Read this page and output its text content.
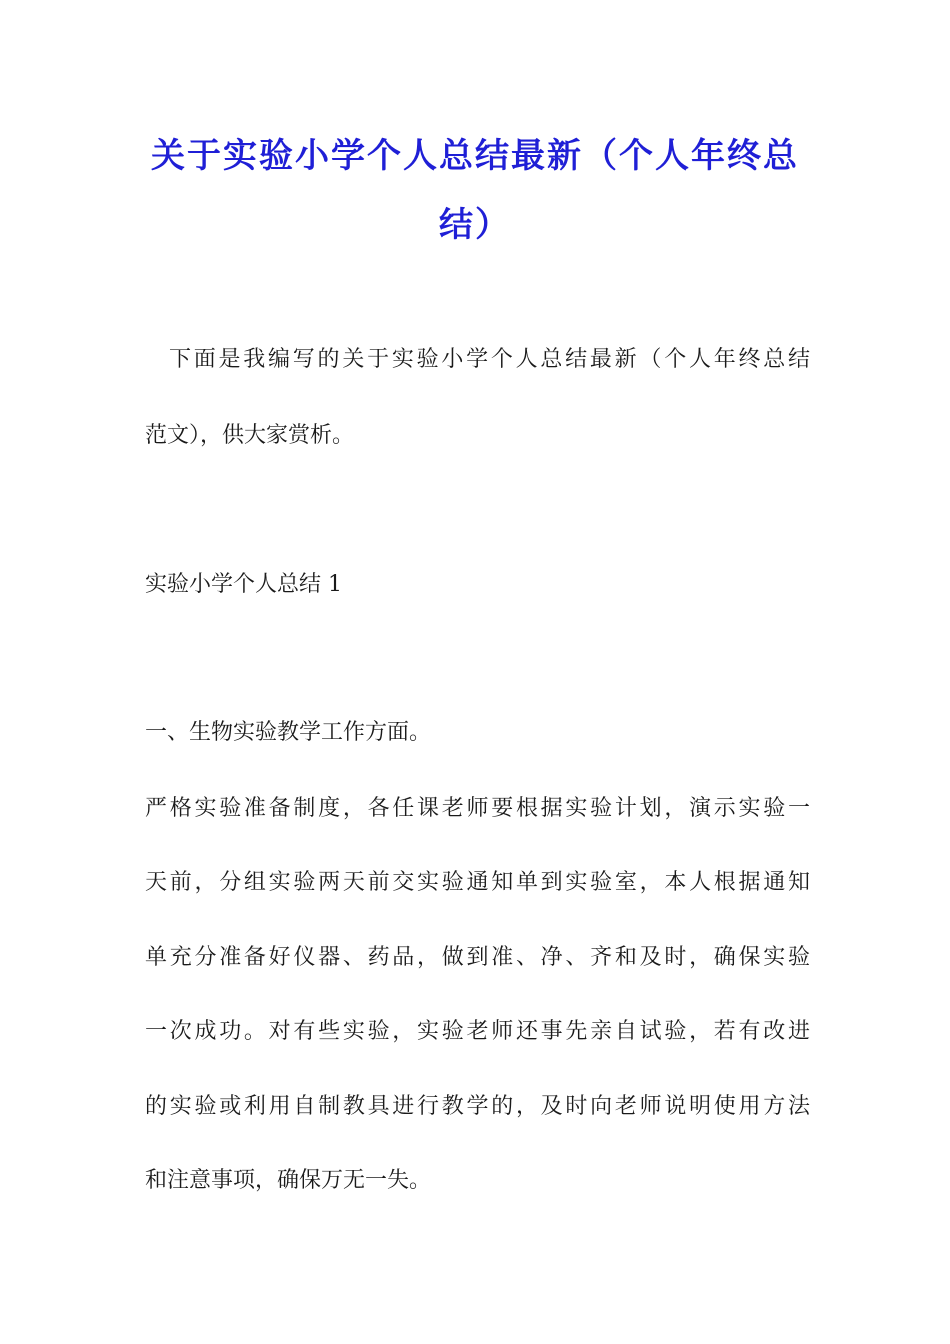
关于实验小学个人总结最新（个人年终总
结）
下面是我编写的关于实验小学个人总结最新（个人年终总结
范文），供大家赏析。
实验小学个人总结 1
一、生物实验教学工作方面。
严格实验准备制度，各任课老师要根据实验计划，演示实验一
天前，分组实验两天前交实验通知单到实验室，本人根据通知
单充分准备好仪器、药品，做到准、净、齐和及时，确保实验
一次成功。对有些实验，实验老师还事先亲自试验，若有改进
的实验或利用自制教具进行教学的，及时向老师说明使用方法
和注意事项，确保万无一失。
